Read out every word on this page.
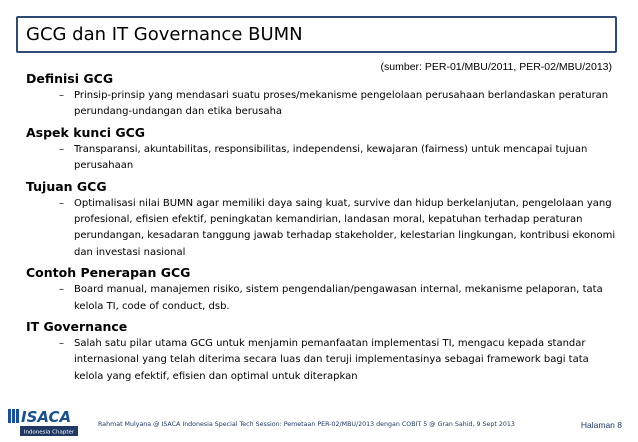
GCG dan IT Governance BUMN
(sumber: PER-01/MBU/2011, PER-02/MBU/2013)
Definisi GCG
–	Prinsip-prinsip yang mendasari suatu proses/mekanisme pengelolaan perusahaan berlandaskan peraturan perundang-undangan dan etika berusaha
Aspek kunci GCG
–	Transparansi, akuntabilitas, responsibilitas, independensi, kewajaran (fairness) untuk mencapai tujuan perusahaan
Tujuan GCG
–	Optimalisasi nilai BUMN agar memiliki daya saing kuat, survive dan hidup berkelanjutan, pengelolaan yang profesional, efisien efektif, peningkatan kemandirian, landasan moral, kepatuhan terhadap peraturan perundangan, kesadaran tanggung jawab terhadap stakeholder, kelestarian lingkungan, kontribusi ekonomi dan investasi nasional
Contoh Penerapan GCG
–	Board manual, manajemen risiko, sistem pengendalian/pengawasan internal, mekanisme pelaporan, tata kelola TI, code of conduct, dsb.
IT Governance
–	Salah satu pilar utama GCG untuk menjamin pemanfaatan implementasi TI, mengacu kepada standar internasional yang telah diterima secara luas dan teruji implementasinya sebagai framework bagi tata kelola yang efektif, efisien dan optimal untuk diterapkan
ISACA
Indonesia Chapter
Rahmat Mulyana @ ISACA Indonesia Special Tech Session: Pemetaan PER-02/MBU/2013 dengan COBIT 5 @ Gran Sahid, 9 Sept 2013	Halaman 8
